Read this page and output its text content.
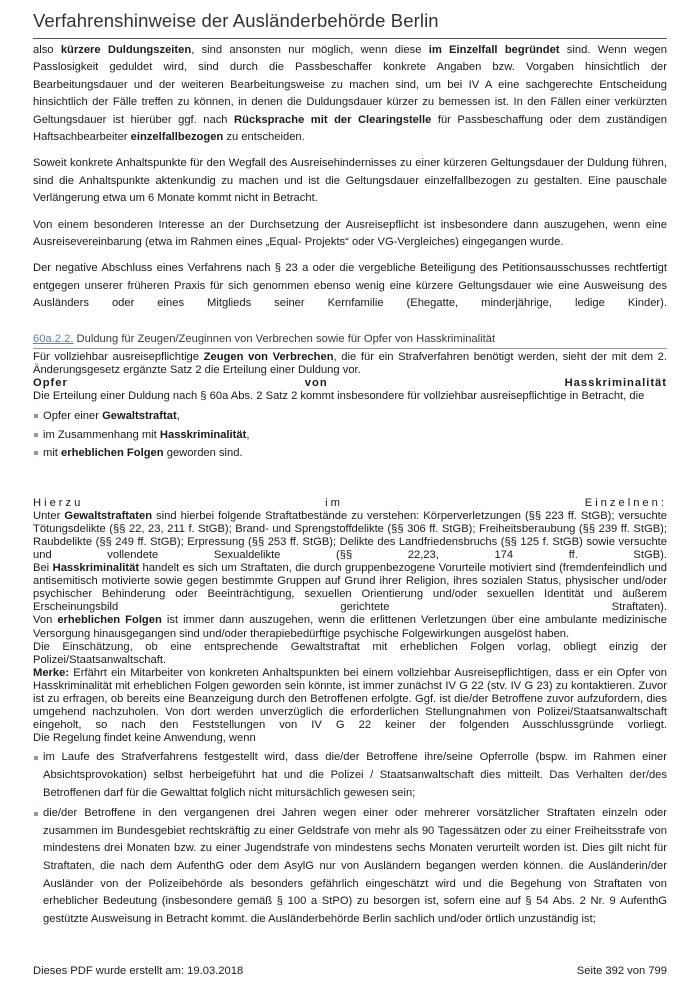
Verfahrenshinweise der Ausländerbehörde Berlin

also kürzere Duldungszeiten, sind ansonsten nur möglich, wenn diese im Einzelfall begründet sind. Wenn wegen Passlosigkeit geduldet wird, sind durch die Passbeschaffer konkrete Angaben bzw. Vorgaben hinsichtlich der Bearbeitungsdauer und der weiteren Bearbeitungsweise zu machen sind, um bei IV A eine sachgerechte Entscheidung hinsichtlich der Fälle treffen zu können, in denen die Duldungsdauer kürzer zu bemessen ist. In den Fällen einer verkürzten Geltungsdauer ist hierüber ggf. nach Rücksprache mit der Clearingstelle für Passbeschaffung oder dem zuständigen Haftsachbearbeiter einzelfallbezogen zu entscheiden.

Soweit konkrete Anhaltspunkte für den Wegfall des Ausreisehindernisses zu einer kürzeren Geltungsdauer der Duldung führen, sind die Anhaltspunkte aktenkundig zu machen und ist die Geltungsdauer einzelfallbezogen zu gestalten. Eine pauschale Verlängerung etwa um 6 Monate kommt nicht in Betracht.

Von einem besonderen Interesse an der Durchsetzung der Ausreisepflicht ist insbesondere dann auszugehen, wenn eine Ausreisevereinbarung (etwa im Rahmen eines „Equal- Projekts“ oder VG-Vergleiches) eingegangen wurde.

Der negative Abschluss eines Verfahrens nach § 23 a oder die vergebliche Beteiligung des Petitionsausschusses rechtfertigt entgegen unserer früheren Praxis für sich genommen ebenso wenig eine kürzere Geltungsdauer wie eine Ausweisung des Ausländers oder eines Mitglieds seiner Kernfamilie (Ehegatte, minderjährige, ledige Kinder).

60a.2.2. Duldung für Zeugen/Zeuginnen von Verbrechen sowie für Opfer von Hasskriminalität

Für vollziehbar ausreisepflichtige Zeugen von Verbrechen, die für ein Strafverfahren benötigt werden, sieht der mit dem 2. Änderungsgesetz ergänzte Satz 2 die Erteilung einer Duldung vor.

Opfer von Hasskriminalität

Die Erteilung einer Duldung nach § 60a Abs. 2 Satz 2 kommt insbesondere für vollziehbar ausreisepflichtige in Betracht, die

Opfer einer Gewaltstraftat,
im Zusammenhang mit Hasskriminalität,
mit erheblichen Folgen geworden sind.

Hierzu im Einzelnen:

Unter Gewaltstraftaten sind hierbei folgende Straftatbestände zu verstehen: Körperverletzungen (§§ 223 ff. StGB); versuchte Tötungsdelikte (§§ 22, 23, 211 f. StGB); Brand- und Sprengstoffdelikte (§§ 306 ff. StGB); Freiheitsberaubung (§§ 239 ff. StGB); Raubdelikte (§§ 249 ff. StGB); Erpressung (§§ 253 ff. StGB); Delikte des Landfriedensbruchs (§§ 125 f. StGB) sowie versuchte und vollendete Sexualdelikte (§§ 22,23, 174 ff. StGB).

Bei Hasskriminalität handelt es sich um Straftaten, die durch gruppenbezogene Vorurteile motiviert sind (fremdenfeindlich und antisemitisch motivierte sowie gegen bestimmte Gruppen auf Grund ihrer Religion, ihres sozialen Status, physischer und/oder psychischer Behinderung oder Beeinträchtigung, sexuellen Orientierung und/oder sexuellen Identität und äußerem Erscheinungsbild gerichtete Straftaten).

Von erheblichen Folgen ist immer dann auszugehen, wenn die erlittenen Verletzungen über eine ambulante medizinische Versorgung hinausgegangen sind und/oder therapiebedürftige psychische Folgewirkungen ausgelöst haben.

Die Einschätzung, ob eine entsprechende Gewaltstraftat mit erheblichen Folgen vorlag, obliegt einzig der Polizei/Staatsanwaltschaft.

Merke: Erfährt ein Mitarbeiter von konkreten Anhaltspunkten bei einem vollziehbar Ausreisepflichtigen, dass er ein Opfer von Hasskriminalität mit erheblichen Folgen geworden sein könnte, ist immer zunächst IV G 22 (stv. IV G 23) zu kontaktieren. Zuvor ist zu erfragen, ob bereits eine Beanzeigung durch den Betroffenen erfolgte. Ggf. ist die/der Betroffene zuvor aufzufordern, dies umgehend nachzuholen. Von dort werden unverzüglich die erforderlichen Stellungnahmen von Polizei/Staatsanwaltschaft eingeholt, so nach den Feststellungen von IV G 22 keiner der folgenden Ausschlussgründe vorliegt.

Die Regelung findet keine Anwendung, wenn

im Laufe des Strafverfahrens festgestellt wird, dass die/der Betroffene ihre/seine Opferrolle (bspw. im Rahmen einer Absichtsprovokation) selbst herbeigeführt hat und die Polizei / Staatsanwaltschaft dies mitteilt. Das Verhalten der/des Betroffenen darf für die Gewalttat folglich nicht mitursächlich gewesen sein;
die/der Betroffene in den vergangenen drei Jahren wegen einer oder mehrerer vorsätzlicher Straftaten einzeln oder zusammen im Bundesgebiet rechtskräftig zu einer Geldstrafe von mehr als 90 Tagessätzen oder zu einer Freiheitsstrafe von mindestens drei Monaten bzw. zu einer Jugendstrafe von mindestens sechs Monaten verurteilt worden ist. Dies gilt nicht für Straftaten, die nach dem AufenthG oder dem AsylG nur von Ausländern begangen werden können. die Ausländerin/der Ausländer von der Polizeibehörde als besonders gefährlich eingeschätzt wird und die Begehung von Straftaten von erheblicher Bedeutung (insbesondere gemäß § 100 a StPO) zu besorgen ist, sofern eine auf § 54 Abs. 2 Nr. 9 AufenthG gestützte Ausweisung in Betracht kommt. die Ausländerbehörde Berlin sachlich und/oder örtlich unzuständig ist;
Dieses PDF wurde erstellt am: 19.03.2018	Seite 392 von 799
